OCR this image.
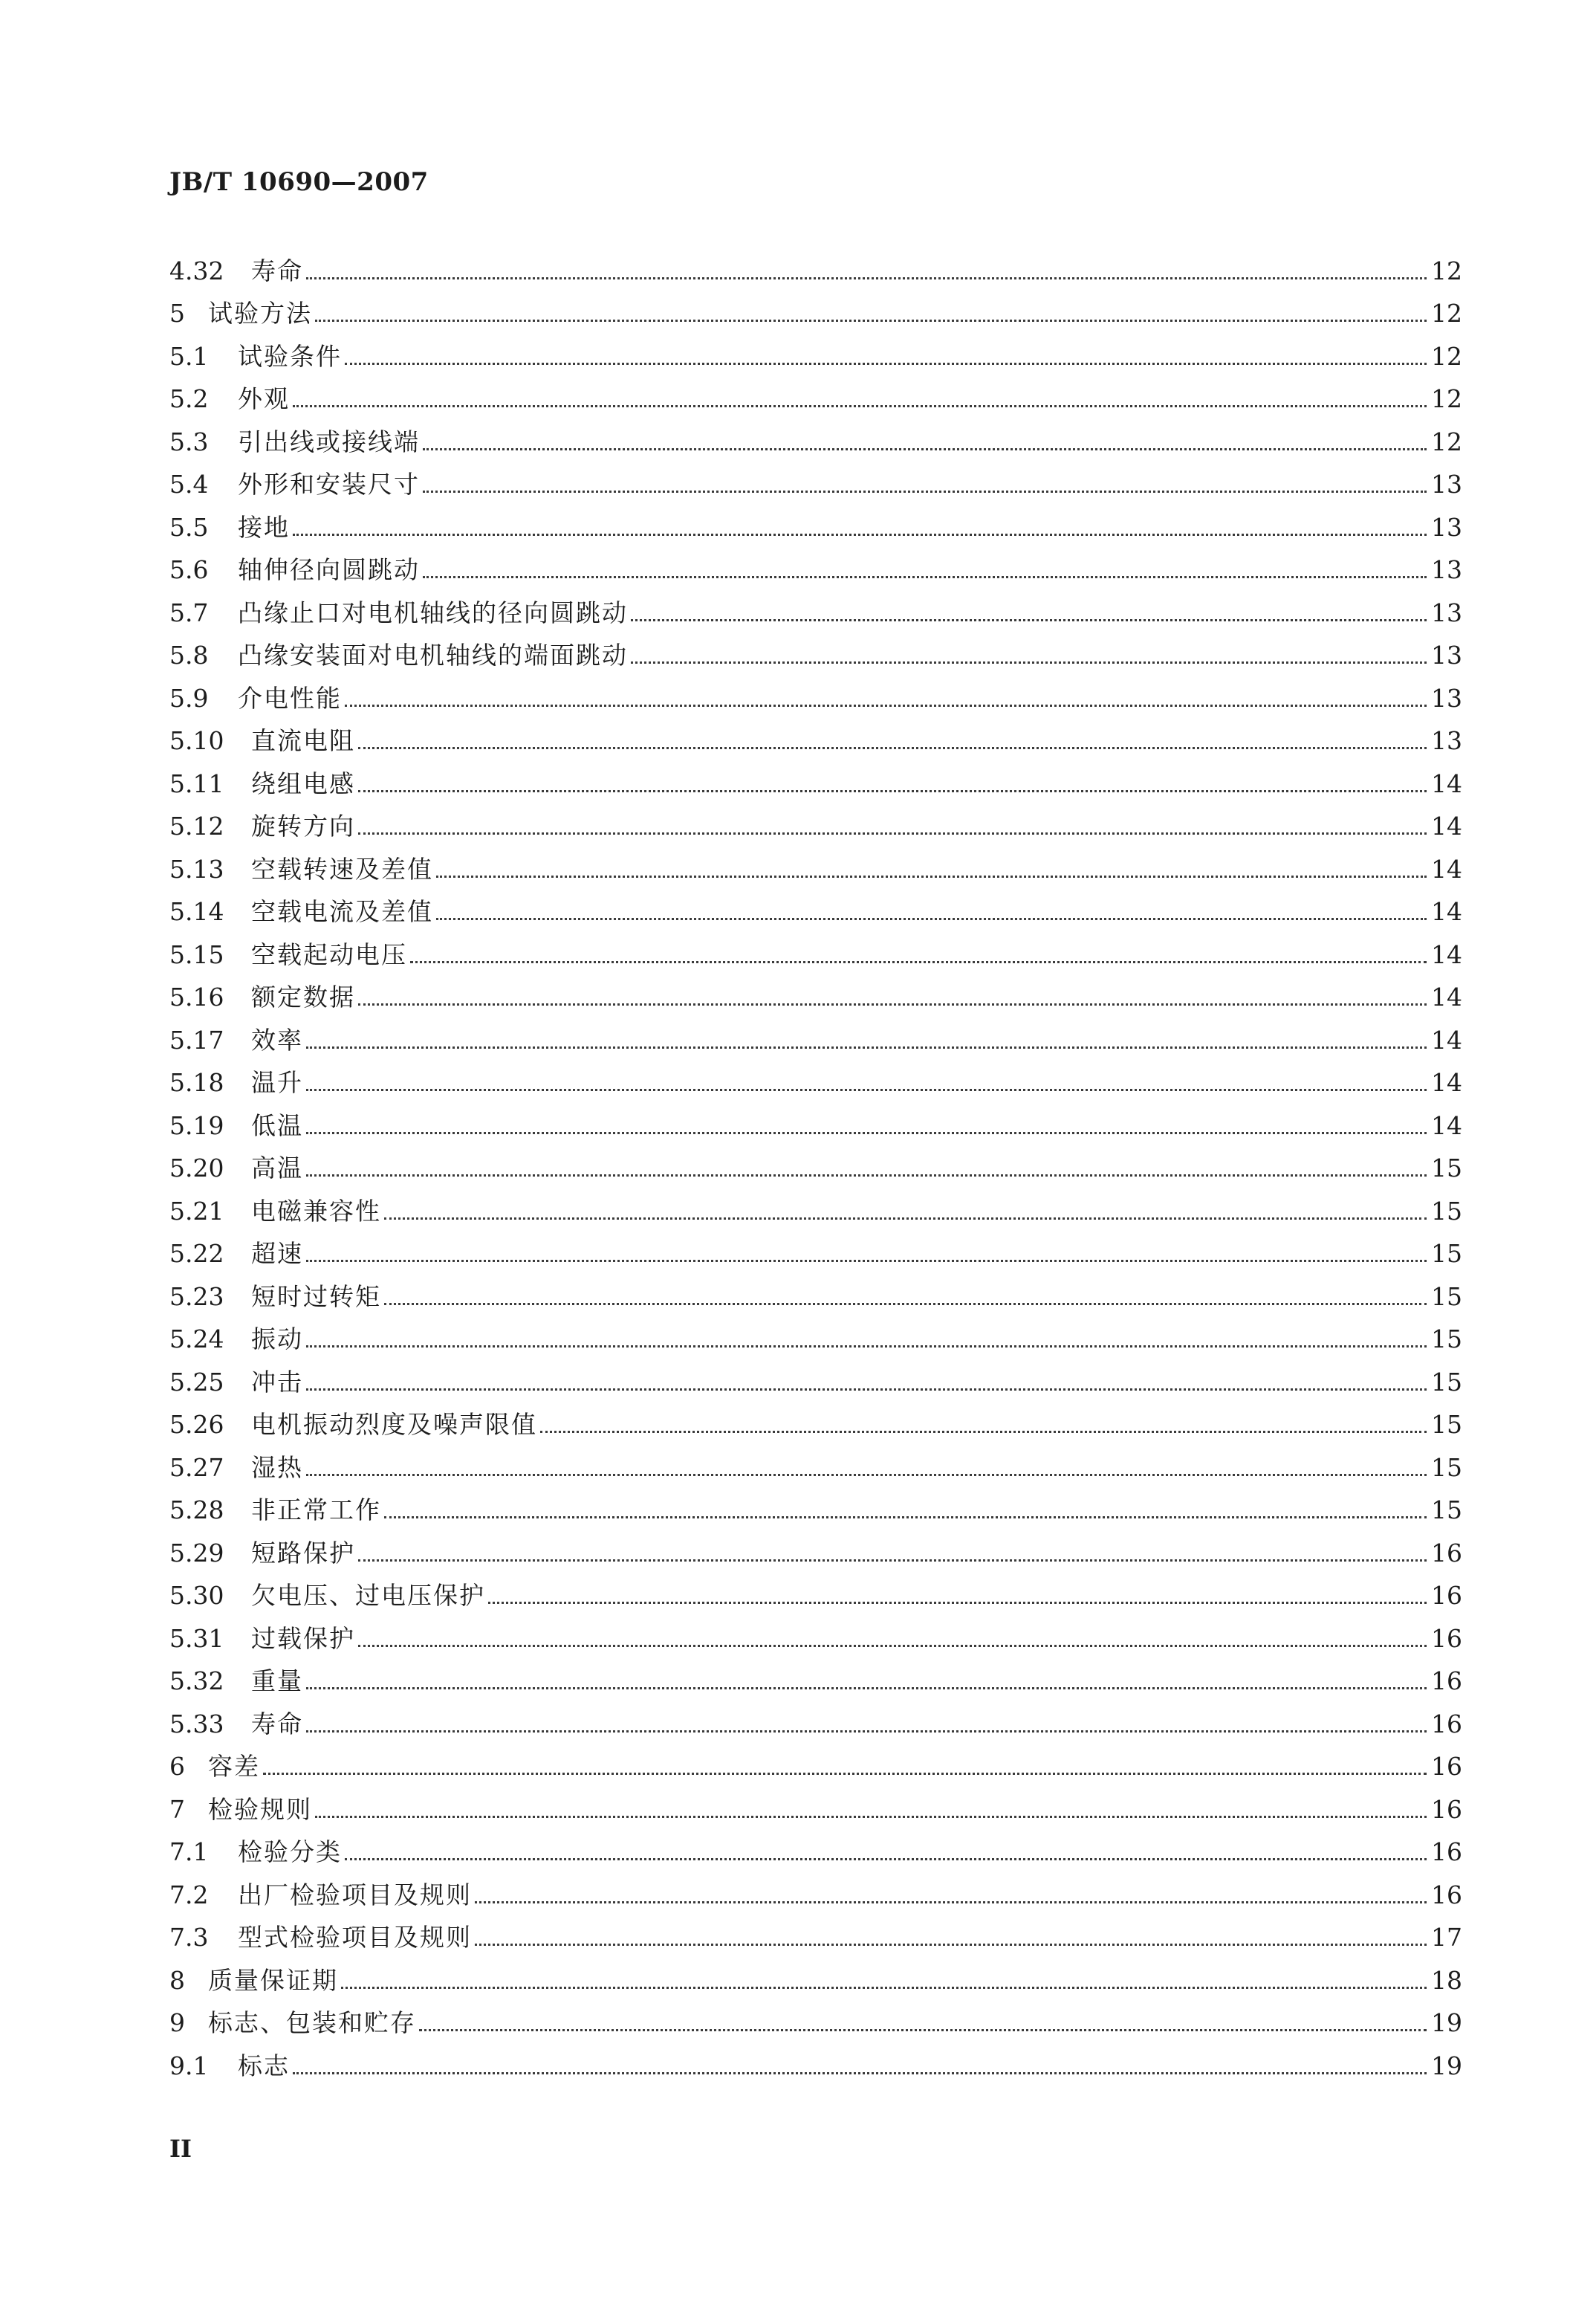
JB/T 10690—2007
4.32	寿命	12
5 试验方法	12
5.1	试验条件	12
5.2	外观	12
5.3	引出线或接线端	12
5.4	外形和安装尺寸	13
5.5	接地	13
5.6	轴伸径向圆跳动	13
5.7	凸缘止口对电机轴线的径向圆跳动	13
5.8	凸缘安装面对电机轴线的端面跳动	13
5.9	介电性能	13
5.10	直流电阻	13
5.11	绕组电感	14
5.12	旋转方向	14
5.13	空载转速及差值	14
5.14	空载电流及差值	14
5.15	空载起动电压	14
5.16	额定数据	14
5.17	效率	14
5.18	温升	14
5.19	低温	14
5.20	高温	15
5.21	电磁兼容性	15
5.22	超速	15
5.23	短时过转矩	15
5.24	振动	15
5.25	冲击	15
5.26	电机振动烈度及噪声限值	15
5.27	湿热	15
5.28	非正常工作	15
5.29	短路保护	16
5.30	欠电压、过电压保护	16
5.31	过载保护	16
5.32	重量	16
5.33	寿命	16
6 容差	16
7 检验规则	16
7.1	检验分类	16
7.2	出厂检验项目及规则	16
7.3	型式检验项目及规则	17
8 质量保证期	18
9 标志、包装和贮存	19
9.1	标志	19
II
